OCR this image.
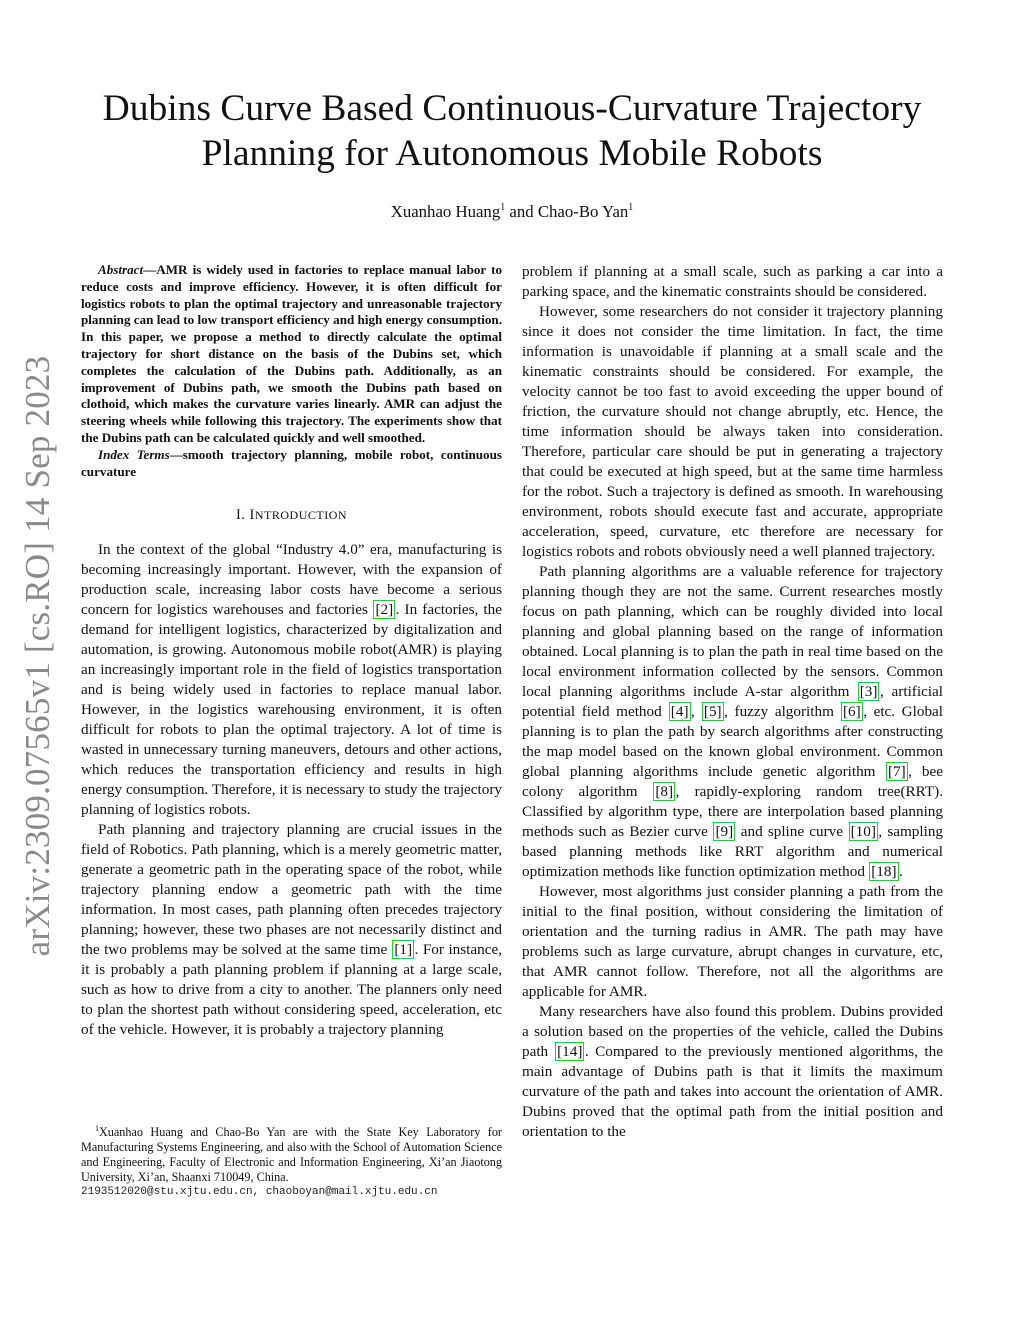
arXiv:2309.07565v1 [cs.RO] 14 Sep 2023
Dubins Curve Based Continuous-Curvature Trajectory Planning for Autonomous Mobile Robots
Xuanhao Huang$^1$ and Chao-Bo Yan$^1$

Abstract—AMR is widely used in factories to replace manual labor to reduce costs and improve efficiency. However, it is often difficult for logistics robots to plan the optimal trajectory and unreasonable trajectory planning can lead to low transport efficiency and high energy consumption. In this paper, we propose a method to directly calculate the optimal trajectory for short distance on the basis of the Dubins set, which completes the calculation of the Dubins path. Additionally, as an improvement of Dubins path, we smooth the Dubins path based on clothoid, which makes the curvature varies linearly. AMR can adjust the steering wheels while following this trajectory. The experiments show that the Dubins path can be calculated quickly and well smoothed.

Index Terms—smooth trajectory planning, mobile robot, continuous curvature

I. INTRODUCTION

In the context of the global “Industry 4.0” era, manufacturing is becoming increasingly important. However, with the expansion of production scale, increasing labor costs have become a serious concern for logistics warehouses and factories [2] . In factories, the demand for intelligent logistics, characterized by digitalization and automation, is growing. Autonomous mobile robot(AMR) is playing an increasingly important role in the field of logistics transportation and is being widely used in factories to replace manual labor. However, in the logistics warehousing environment, it is often difficult for robots to plan the optimal trajectory. A lot of time is wasted in unnecessary turning maneuvers, detours and other actions, which reduces the transportation efficiency and results in high energy consumption. Therefore, it is necessary to study the trajectory planning of logistics robots.

Path planning and trajectory planning are crucial issues in the field of Robotics. Path planning, which is a merely geometric matter, generate a geometric path in the operating space of the robot, while trajectory planning endow a geometric path with the time information. In most cases, path planning often precedes trajectory planning; however, these two phases are not necessarily distinct and the two problems may be solved at the same time [1] . For instance, it is probably a path planning problem if planning at a large scale, such as how to drive from a city to another. The planners only need to plan the shortest path without considering speed, acceleration, etc of the vehicle. However, it is probably a trajectory planning

$^1$Xuanhao Huang and Chao-Bo Yan are with the State Key Laboratory for Manufacturing Systems Engineering, and also with the School of Automation Science and Engineering, Faculty of Electronic and Information Engineering, Xi’an Jiaotong University, Xi’an, Shaanxi 710049, China.
2193512020@stu.xjtu.edu.cn, chaoboyan@mail.xjtu.edu.cn

problem if planning at a small scale, such as parking a car into a parking space, and the kinematic constraints should be considered.

However, some researchers do not consider it trajectory planning since it does not consider the time limitation. In fact, the time information is unavoidable if planning at a small scale and the kinematic constraints should be considered. For example, the velocity cannot be too fast to avoid exceeding the upper bound of friction, the curvature should not change abruptly, etc. Hence, the time information should be always taken into consideration. Therefore, particular care should be put in generating a trajectory that could be executed at high speed, but at the same time harmless for the robot. Such a trajectory is defined as smooth. In warehousing environment, robots should execute fast and accurate, appropriate acceleration, speed, curvature, etc therefore are necessary for logistics robots and robots obviously need a well planned trajectory.

Path planning algorithms are a valuable reference for trajectory planning though they are not the same. Current researches mostly focus on path planning, which can be roughly divided into local planning and global planning based on the range of information obtained. Local planning is to plan the path in real time based on the local environment information collected by the sensors. Common local planning algorithms include A-star algorithm [3] , artificial potential field method [4] , [5] , fuzzy algorithm [6] , etc. Global planning is to plan the path by search algorithms after constructing the map model based on the known global environment. Common global planning algorithms include genetic algorithm [7] , bee colony algorithm [8] , rapidly-exploring random tree(RRT). Classified by algorithm type, there are interpolation based planning methods such as Bezier curve [9] and spline curve [10] , sampling based planning methods like RRT algorithm and numerical optimization methods like function optimization method [18] .

However, most algorithms just consider planning a path from the initial to the final position, without considering the limitation of orientation and the turning radius in AMR. The path may have problems such as large curvature, abrupt changes in curvature, etc, that AMR cannot follow. Therefore, not all the algorithms are applicable for AMR.

Many researchers have also found this problem. Dubins provided a solution based on the properties of the vehicle, called the Dubins path [14] . Compared to the previously mentioned algorithms, the main advantage of Dubins path is that it limits the maximum curvature of the path and takes into account the orientation of AMR. Dubins proved that the optimal path from the initial position and orientation to the
